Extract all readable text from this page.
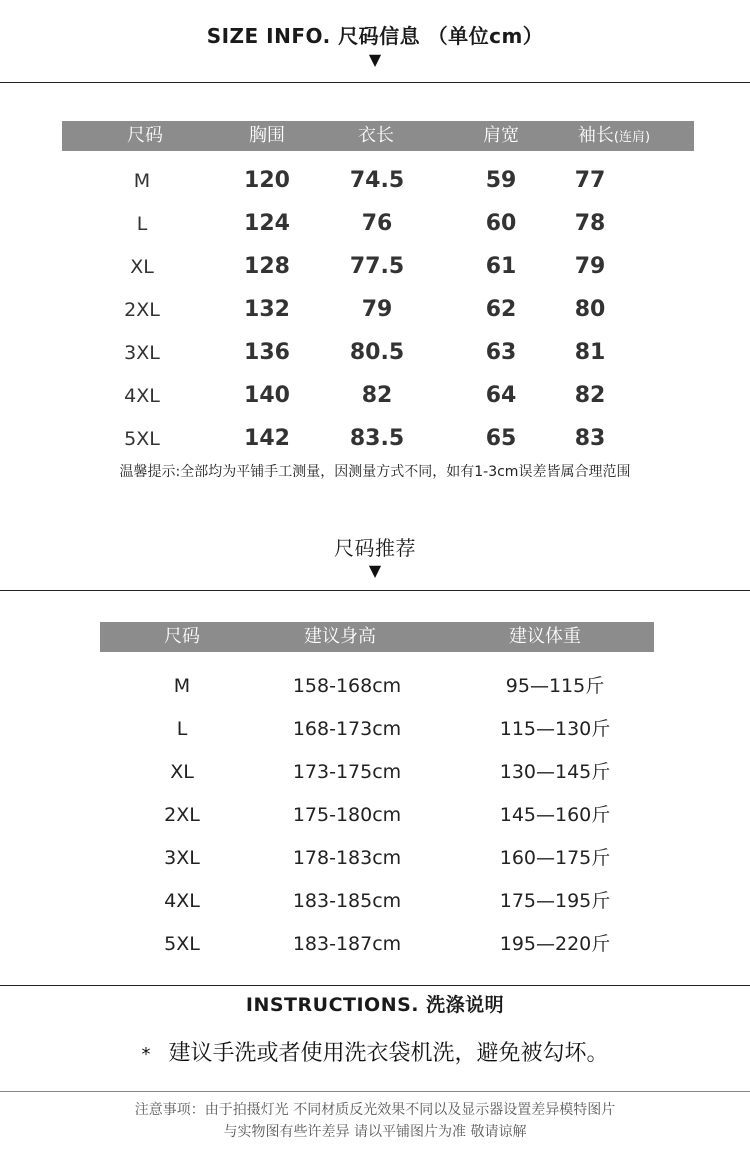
SIZE INFO. 尺码信息 （单位cm）
▼
尺码	胸围	衣长	肩宽	袖长(连肩)
M	120	74.5	59	77
L	124	76	60	78
XL	128	77.5	61	79
2XL	132	79	62	80
3XL	136	80.5	63	81
4XL	140	82	64	82
5XL	142	83.5	65	83
温馨提示:全部均为平铺手工测量，因测量方式不同，如有1-3cm误差皆属合理范围
尺码推荐
▼
尺码	建议身高	建议体重
M	158-168cm	95—115斤
L	168-173cm	115—130斤
XL	173-175cm	130—145斤
2XL	175-180cm	145—160斤
3XL	178-183cm	160—175斤
4XL	183-185cm	175—195斤
5XL	183-187cm	195—220斤
INSTRUCTIONS. 洗涤说明
* 建议手洗或者使用洗衣袋机洗，避免被勾坏。
注意事项：由于拍摄灯光 不同材质反光效果不同以及显示器设置差异模特图片
与实物图有些许差异 请以平铺图片为准 敬请谅解
